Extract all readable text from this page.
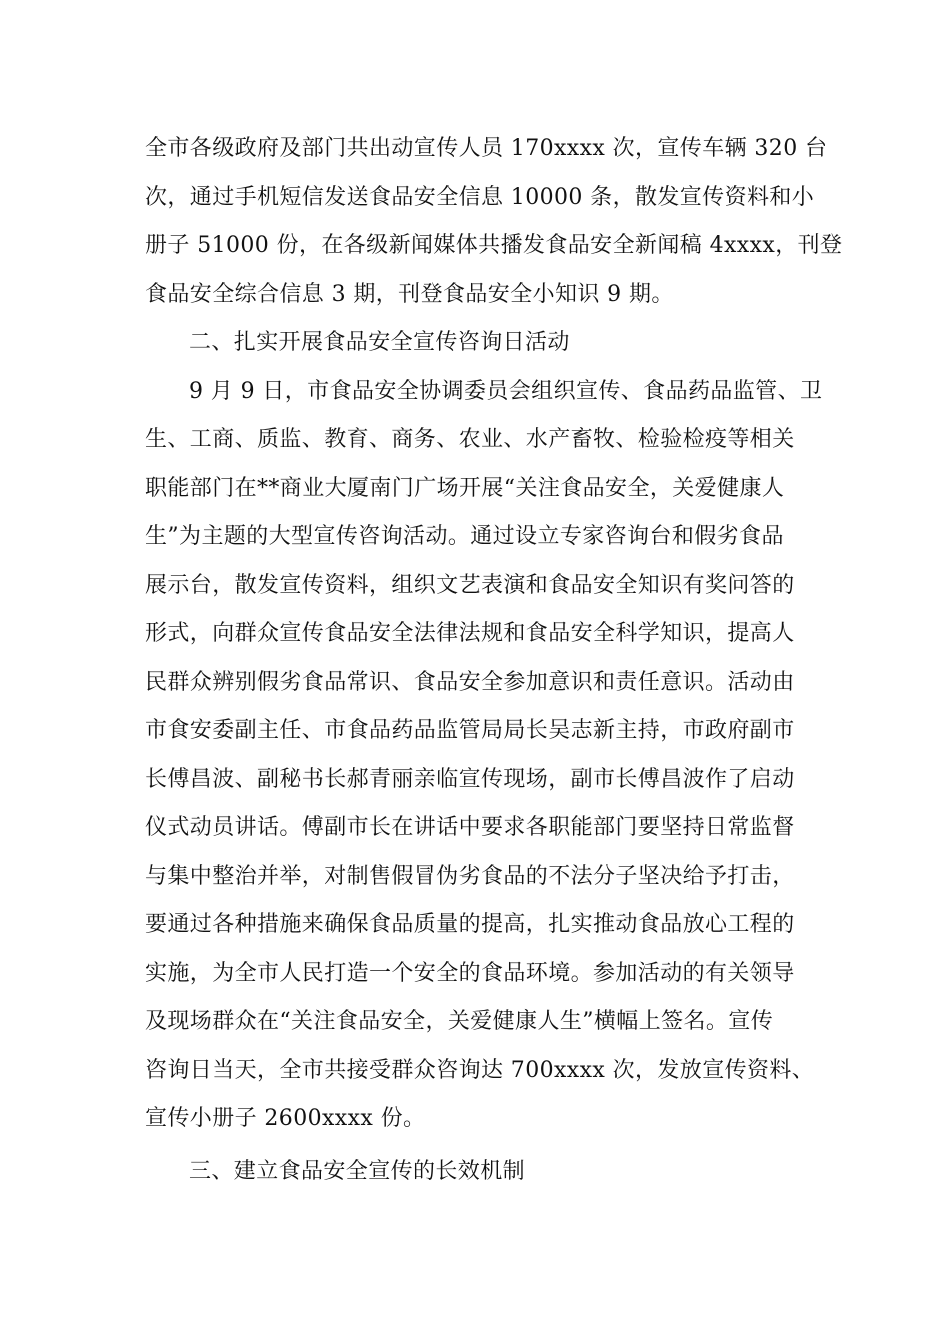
全市各级政府及部门共出动宣传人员 170xxxx 次，宣传车辆 320 台
次，通过手机短信发送食品安全信息 10000 条，散发宣传资料和小
册子 51000 份，在各级新闻媒体共播发食品安全新闻稿 4xxxx，刊登
食品安全综合信息 3 期，刊登食品安全小知识 9 期。
二、扎实开展食品安全宣传咨询日活动
9 月 9 日，市食品安全协调委员会组织宣传、食品药品监管、卫
生、工商、质监、教育、商务、农业、水产畜牧、检验检疫等相关
职能部门在**商业大厦南门广场开展“关注食品安全，关爱健康人
生”为主题的大型宣传咨询活动。通过设立专家咨询台和假劣食品
展示台，散发宣传资料，组织文艺表演和食品安全知识有奖问答的
形式，向群众宣传食品安全法律法规和食品安全科学知识，提高人
民群众辨别假劣食品常识、食品安全参加意识和责任意识。活动由
市食安委副主任、市食品药品监管局局长吴志新主持，市政府副市
长傅昌波、副秘书长郝青丽亲临宣传现场，副市长傅昌波作了启动
仪式动员讲话。傅副市长在讲话中要求各职能部门要坚持日常监督
与集中整治并举，对制售假冒伪劣食品的不法分子坚决给予打击，
要通过各种措施来确保食品质量的提高，扎实推动食品放心工程的
实施，为全市人民打造一个安全的食品环境。参加活动的有关领导
及现场群众在“关注食品安全，关爱健康人生”横幅上签名。宣传
咨询日当天，全市共接受群众咨询达 700xxxx 次，发放宣传资料、
宣传小册子 2600xxxx 份。
三、建立食品安全宣传的长效机制
